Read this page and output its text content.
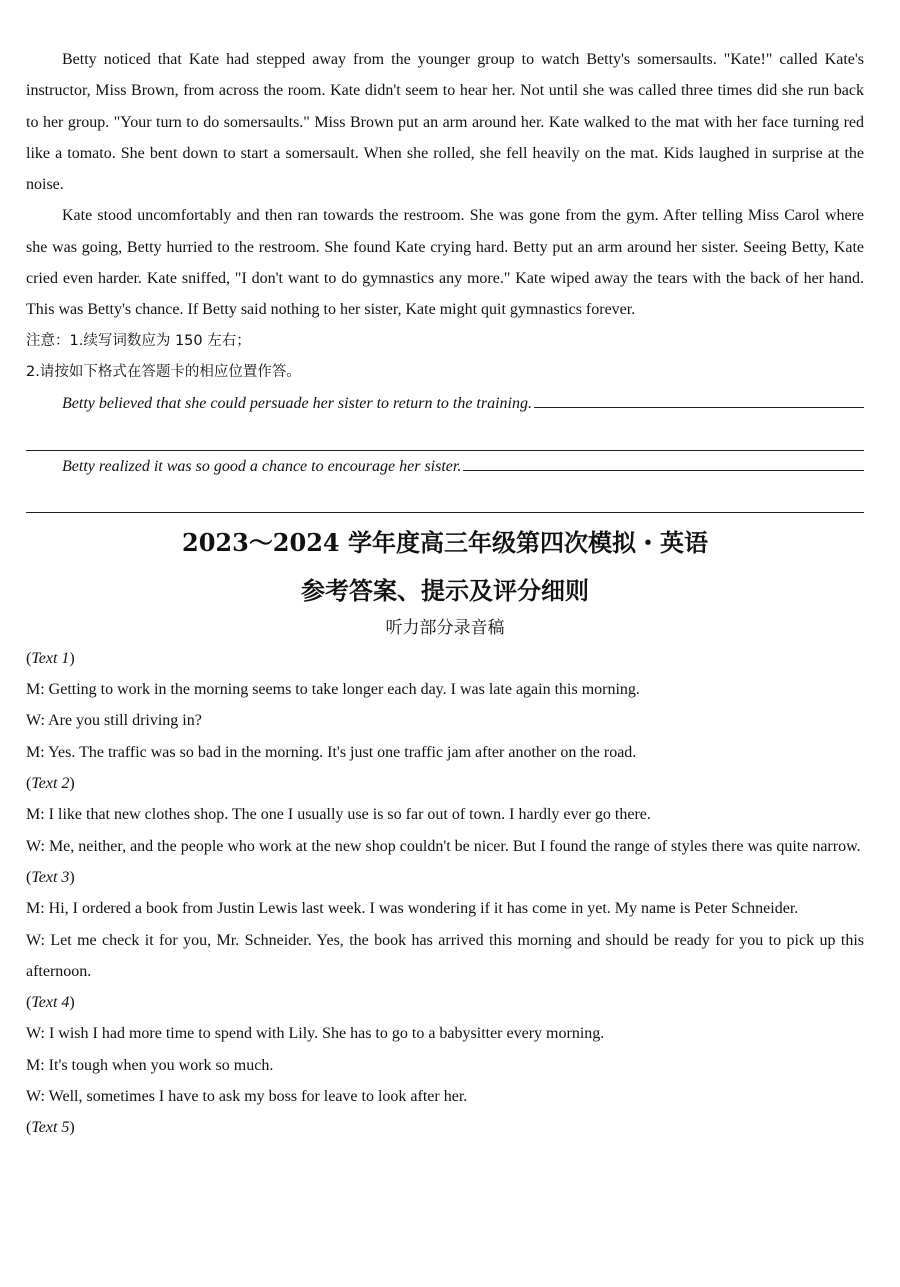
Betty noticed that Kate had stepped away from the younger group to watch Betty's somersaults. "Kate!" called Kate's instructor, Miss Brown, from across the room. Kate didn't seem to hear her. Not until she was called three times did she run back to her group. "Your turn to do somersaults." Miss Brown put an arm around her. Kate walked to the mat with her face turning red like a tomato. She bent down to start a somersault. When she rolled, she fell heavily on the mat. Kids laughed in surprise at the noise.

Kate stood uncomfortably and then ran towards the restroom. She was gone from the gym. After telling Miss Carol where she was going, Betty hurried to the restroom. She found Kate crying hard. Betty put an arm around her sister. Seeing Betty, Kate cried even harder. Kate sniffed, "I don't want to do gymnastics any more." Kate wiped away the tears with the back of her hand. This was Betty's chance. If Betty said nothing to her sister, Kate might quit gymnastics forever.

注意：1.续写词数应为 150 左右；

2.请按如下格式在答题卡的相应位置作答。

Betty believed that she could persuade her sister to return to the training.
Betty realized it was so good a chance to encourage her sister.
2023～2024 学年度高三年级第四次模拟・英语
参考答案、提示及评分细则
听力部分录音稿

(Text 1)

M: Getting to work in the morning seems to take longer each day. I was late again this morning.

W: Are you still driving in?

M: Yes. The traffic was so bad in the morning. It's just one traffic jam after another on the road.

(Text 2)

M: I like that new clothes shop. The one I usually use is so far out of town. I hardly ever go there.

W: Me, neither, and the people who work at the new shop couldn't be nicer. But I found the range of styles there was quite narrow.

(Text 3)

M: Hi, I ordered a book from Justin Lewis last week. I was wondering if it has come in yet. My name is Peter Schneider.

W: Let me check it for you, Mr. Schneider. Yes, the book has arrived this morning and should be ready for you to pick up this afternoon.

(Text 4)

W: I wish I had more time to spend with Lily. She has to go to a babysitter every morning.

M: It's tough when you work so much.

W: Well, sometimes I have to ask my boss for leave to look after her.

(Text 5)
